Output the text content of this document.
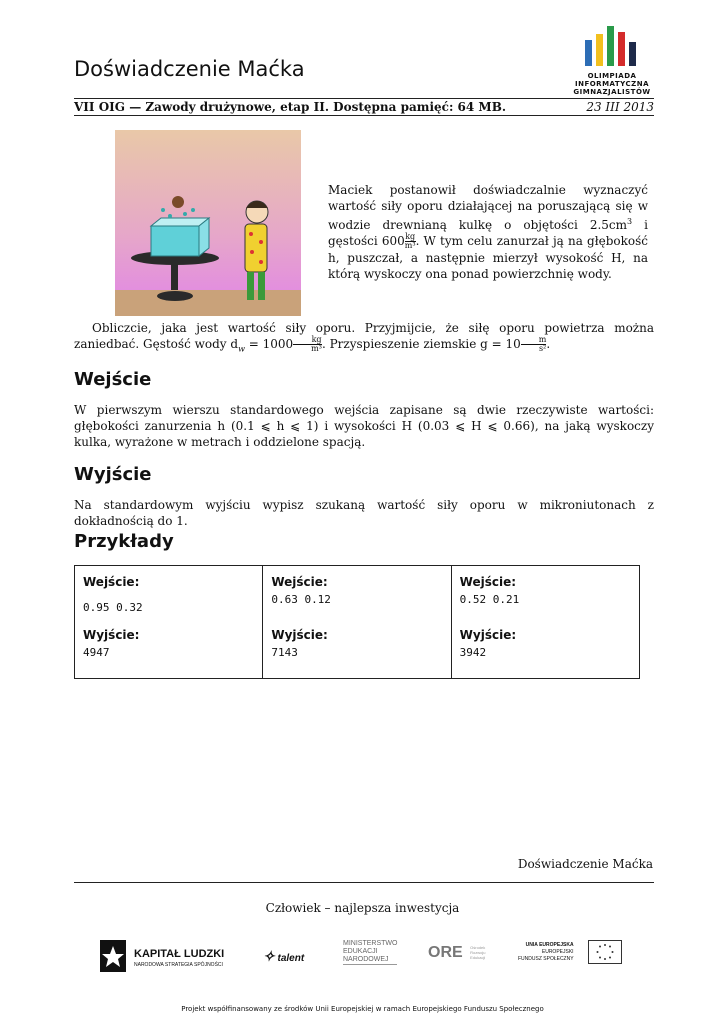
Doświadczenie Maćka	OLIMPIADA
INFORMATYCZNA
GIMNAZJALISTÓW
VII OIG — Zawody drużynowe, etap II. Dostępna pamięć: 64 MB.	23 III 2013
Maciek postanowił doświadczalnie wyznaczyć wartość siły oporu działającej na poruszającą się w wodzie drewnianą kulkę o objętości $2.5cm^3$ i gęstości $600 \frac{kg}{\text{m³}}$ . W tym celu zanurzał ją na głębokość h, puszczał, a następnie mierzył wysokość H, na którą wyskoczy ona ponad powierzchnię wody.
Obliczcie, jaka jest wartość siły oporu. Przyjmijcie, że siłę oporu powietrza można zaniedbać. Gęstość wody $d_w = 1000 \frac{kg}{\text{m³}}$ . Przyspieszenie ziemskie $g = 10 \frac{m}{\text{s²}}$ .
Wejście
W pierwszym wierszu standardowego wejścia zapisane są dwie rzeczywiste wartości: głębokości zanurzenia h (0.1 ⩽ h ⩽ 1) i wysokości H (0.03 ⩽ H ⩽ 0.66), na jaką wyskoczy kulka, wyrażone w metrach i oddzielone spacją.
Wyjście
Na standardowym wyjściu wypisz szukaną wartość siły oporu w mikroniutonach z dokładnością do 1.
Przykłady
Wejście:
0.95 0.32
Wyjście:
4947

Wejście:
0.63 0.12
Wyjście:
7143

Wejście:
0.52 0.21
Wyjście:
3942
Doświadczenie Maćka
Człowiek – najlepsza inwestycja
KAPITAŁ LUDZKI
NARODOWA STRATEGIA SPÓJNOŚCI
✧ talent
MINISTERSTWO
EDUKACJI
NARODOWEJ	ORE Ośrodek
Rozwoju
Edukacji
UNIA EUROPEJSKA
EUROPEJSKI
FUNDUSZ SPOŁECZNY
Projekt współfinansowany ze środków Unii Europejskiej w ramach Europejskiego Funduszu Społecznego
